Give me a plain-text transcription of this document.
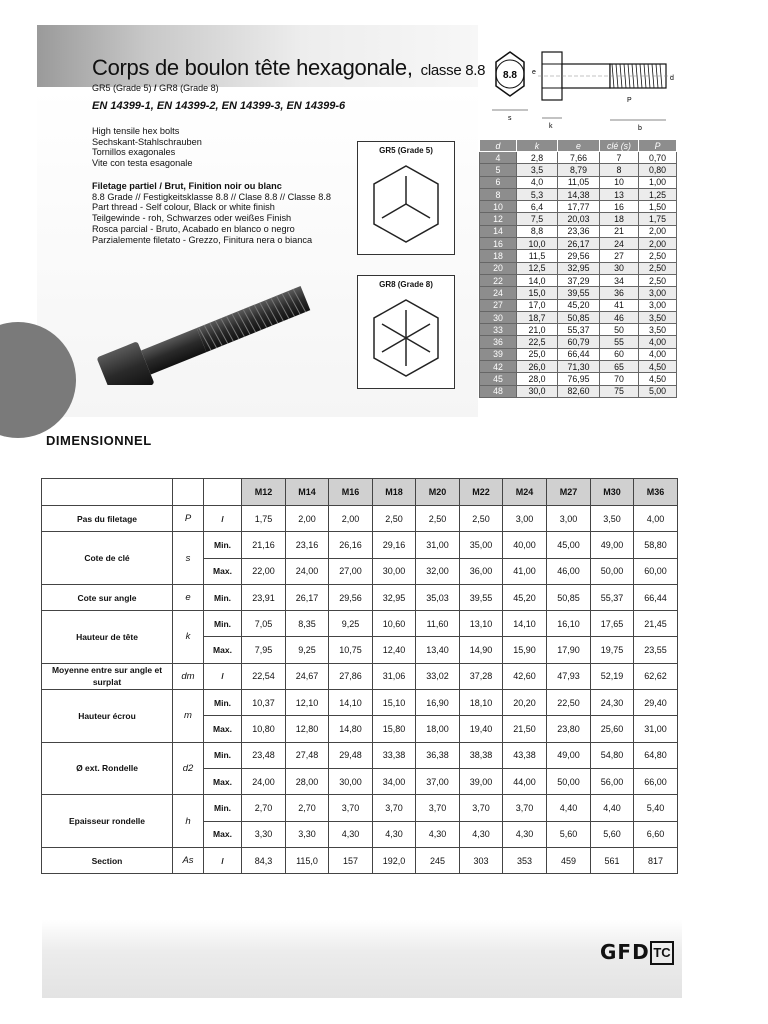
Corps de boulon tête hexagonale, classe 8.8
GR5 (Grade 5) / GR8 (Grade 8)
EN 14399-1, EN 14399-2, EN 14399-3, EN 14399-6
8.8
s
e
k	b
P
d
High tensile hex bolts
Sechskant-Stahlschrauben
Tornillos exagonales
Vite con testa esagonale
Filetage partiel / Brut, Finition noir ou blanc
8.8 Grade // Festigkeitsklasse 8.8 // Clase 8.8 // Classe 8.8
Part thread - Self colour, Black or white finish
Teilgewinde - roh, Schwarzes oder weißes Finish
Rosca parcial - Bruto, Acabado en blanco o negro
Parzialemente filetato - Grezzo, Finitura nera o bianca
GR5 (Grade 5)
GR8 (Grade 8)
d	k	e	clé (s)	P
4	2,8	7,66	7	0,70
5	3,5	8,79	8	0,80
6	4,0	11,05	10	1,00
8	5,3	14,38	13	1,25
10	6,4	17,77	16	1,50
12	7,5	20,03	18	1,75
14	8,8	23,36	21	2,00
16	10,0	26,17	24	2,00
18	11,5	29,56	27	2,50
20	12,5	32,95	30	2,50
22	14,0	37,29	34	2,50
24	15,0	39,55	36	3,00
27	17,0	45,20	41	3,00
30	18,7	50,85	46	3,50
33	21,0	55,37	50	3,50
36	22,5	60,79	55	4,00
39	25,0	66,44	60	4,00
42	26,0	71,30	65	4,50
45	28,0	76,95	70	4,50
48	30,0	82,60	75	5,00
DIMENSIONNEL
			M12	M14	M16	M18	M20	M22	M24	M27	M30	M36
Pas du filetage	P	/	1,75	2,00	2,00	2,50	2,50	2,50	3,00	3,00	3,50	4,00
Cote de clé	s	Min.	21,16	23,16	26,16	29,16	31,00	35,00	40,00	45,00	49,00	58,80
		Max.	22,00	24,00	27,00	30,00	32,00	36,00	41,00	46,00	50,00	60,00
Cote sur angle	e	Min.	23,91	26,17	29,56	32,95	35,03	39,55	45,20	50,85	55,37	66,44
Hauteur de tête	k	Min.	7,05	8,35	9,25	10,60	11,60	13,10	14,10	16,10	17,65	21,45
		Max.	7,95	9,25	10,75	12,40	13,40	14,90	15,90	17,90	19,75	23,55
Moyenne entre sur angle et surplat	dm	/	22,54	24,67	27,86	31,06	33,02	37,28	42,60	47,93	52,19	62,62
Hauteur écrou	m	Min.	10,37	12,10	14,10	15,10	16,90	18,10	20,20	22,50	24,30	29,40
		Max.	10,80	12,80	14,80	15,80	18,00	19,40	21,50	23,80	25,60	31,00
Ø ext. Rondelle	d2	Min.	23,48	27,48	29,48	33,38	36,38	38,38	43,38	49,00	54,80	64,80
		Max.	24,00	28,00	30,00	34,00	37,00	39,00	44,00	50,00	56,00	66,00
Epaisseur rondelle	h	Min.	2,70	2,70	3,70	3,70	3,70	3,70	3,70	4,40	4,40	5,40
		Max.	3,30	3,30	4,30	4,30	4,30	4,30	4,30	5,60	5,60	6,60
Section	As	/	84,3	115,0	157	192,0	245	303	353	459	561	817
GFD TC
